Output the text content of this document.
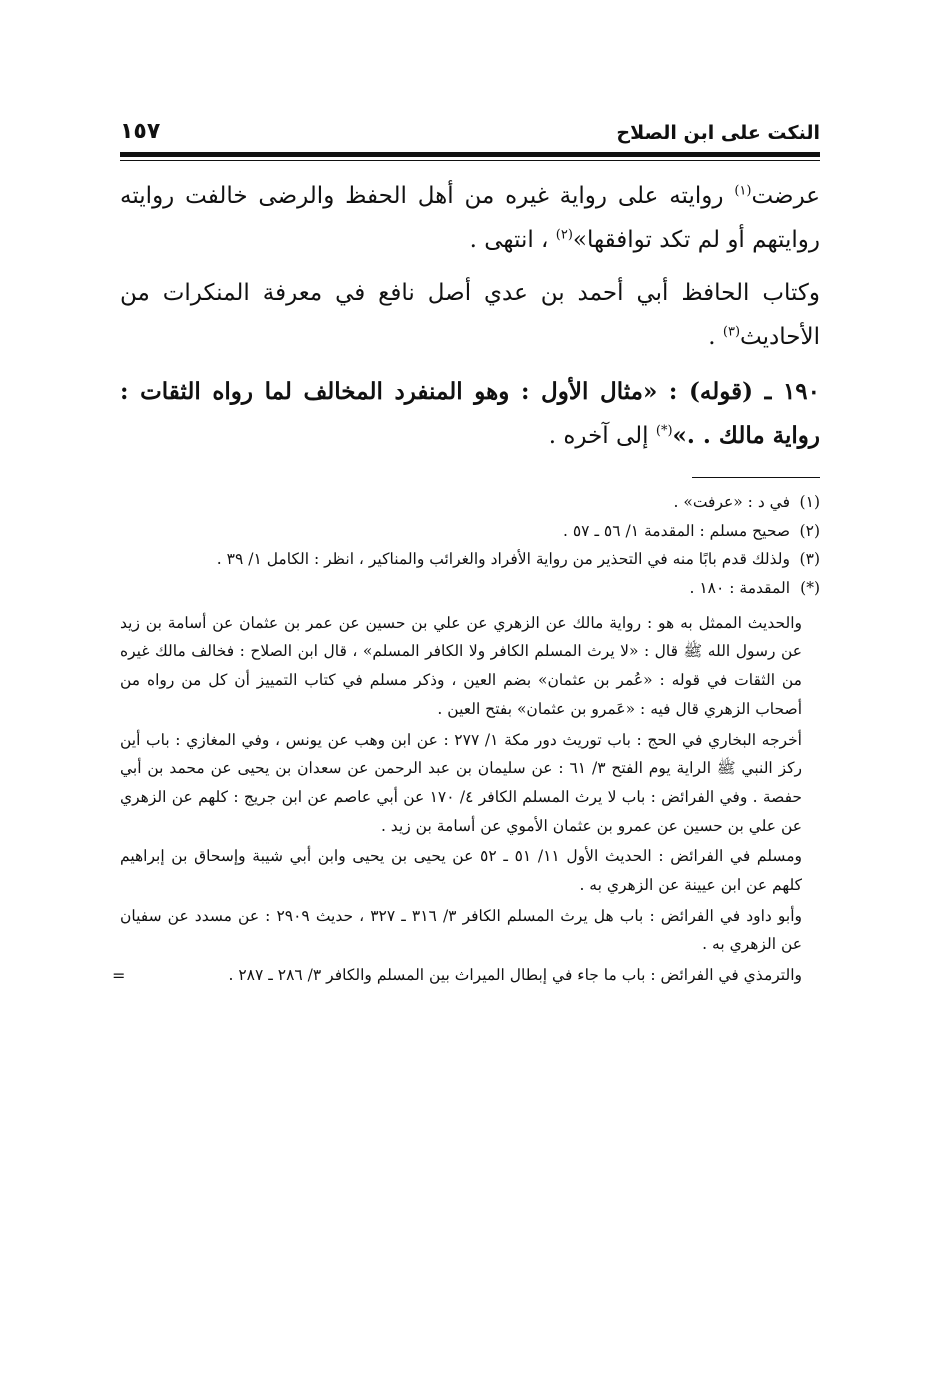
النكت على ابن الصلاح
١٥٧

عرضت$^{(١)}$ روايته على رواية غيره من أهل الحفظ والرضى خالفت روايته روايتهم أو لم تكد توافقها»$^{(٢)}$ ، انتهى .

وكتاب الحافظ أبي أحمد بن عدي أصل نافع في معرفة المنكرات من الأحاديث$^{(٣)}$ .

١٩٠ ـ (قوله) : «مثال الأول : وهو المنفرد المخالف لما رواه الثقات : رواية مالك . .»(*) إلى آخره .

(١)في د : «عرفت» .

(٢)صحيح مسلم : المقدمة ١/ ٥٦ ـ ٥٧ .

(٣)ولذلك قدم بابًا منه في التحذير من رواية الأفراد والغرائب والمناكير ، انظر : الكامل ١/ ٣٩ .

(*)المقدمة : ١٨٠ .

والحديث الممثل به هو : رواية مالك عن الزهري عن علي بن حسين عن عمر بن عثمان عن أسامة بن زيد عن رسول الله ﷺ قال : «لا يرث المسلم الكافر ولا الكافر المسلم» ، قال ابن الصلاح : فخالف مالك غيره من الثقات في قوله : «عُمر بن عثمان» بضم العين ، وذكر مسلم في كتاب التمييز أن كل من رواه من أصحاب الزهري قال فيه : «عَمرو بن عثمان» بفتح العين .

أخرجه البخاري في الحج : باب توريث دور مكة ١/ ٢٧٧ : عن ابن وهب عن يونس ، وفي المغازي : باب أين ركز النبي ﷺ الراية يوم الفتح ٣/ ٦١ : عن سليمان بن عبد الرحمن عن سعدان بن يحيى عن محمد بن أبي حفصة . وفي الفرائض : باب لا يرث المسلم الكافر ٤/ ١٧٠ عن أبي عاصم عن ابن جريج : كلهم عن الزهري عن علي بن حسين عن عمرو بن عثمان الأموي عن أسامة بن زيد .

ومسلم في الفرائض : الحديث الأول ١١/ ٥١ ـ ٥٢ عن يحيى بن يحيى وابن أبي شيبة وإسحاق بن إبراهيم كلهم عن ابن عيينة عن الزهري به .

وأبو داود في الفرائض : باب هل يرث المسلم الكافر ٣/ ٣١٦ ـ ٣٢٧ ، حديث ٢٩٠٩ : عن مسدد عن سفيان عن الزهري به .

والترمذي في الفرائض : باب ما جاء في إبطال الميراث بين المسلم والكافر ٣/ ٢٨٦ ـ ٢٨٧ .
=
